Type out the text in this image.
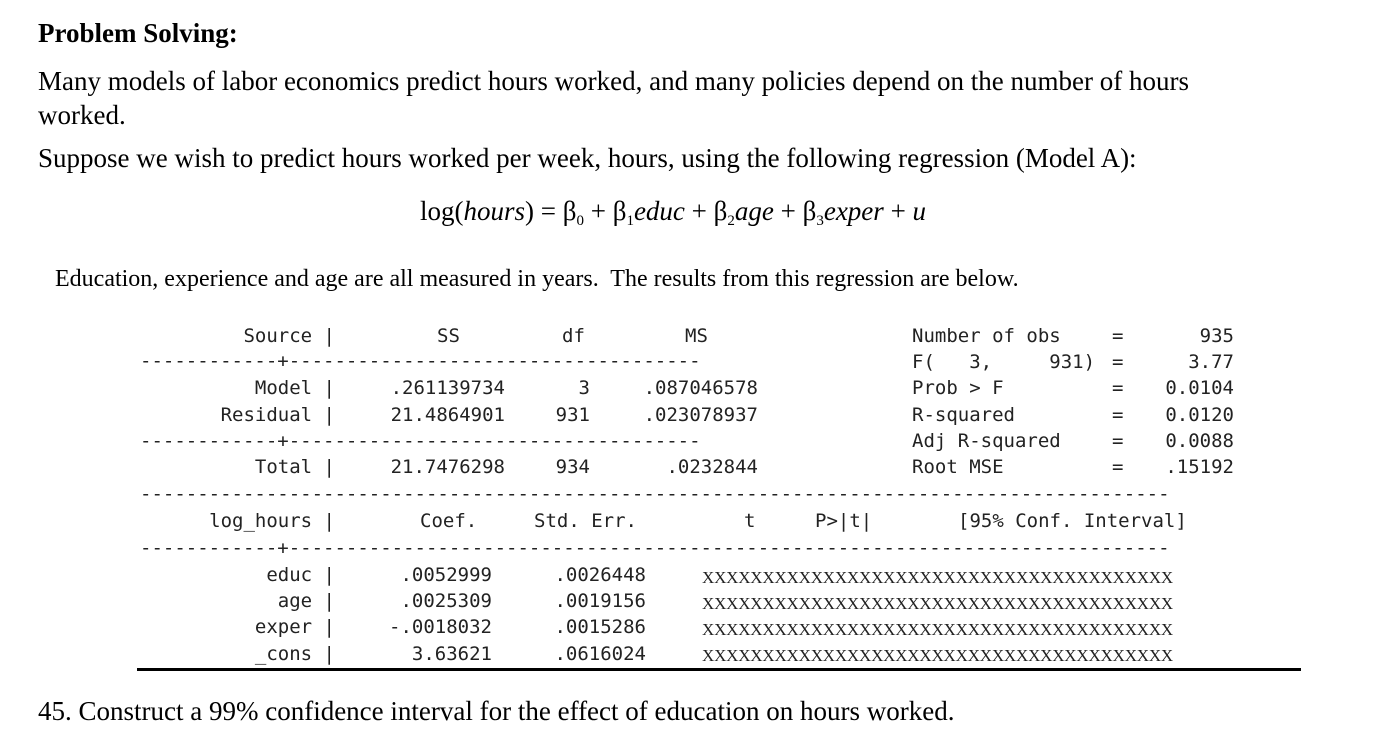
Problem Solving:
Many models of labor economics predict hours worked, and many policies depend on the number of hours
worked.
Suppose we wish to predict hours worked per week, hours, using the following regression (Model A):
log(hours) = $\beta_0$ + $\beta_1educ + \beta_2age$ + $\beta_3exper + u$
Education, experience and age are all measured in years.  The results from this regression are below.
Source |	SS	df	MS
------------+------------------------------------
Model |	.261139734	3	.087046578
Residual |	21.4864901	931	.023078937
------------+------------------------------------
Total |	21.7476298	934	.0232844
Number of obs	=	935
F(   3,     931) =	3.77
Prob > F	=	0.0104
R-squared	=	0.0120
Adj R-squared	=	0.0088
Root MSE	=	.15192
------------------------------------------------------------------------------------------
log_hours |	Coef.	Std. Err.	t	P>|t|	[95% Conf. Interval]
------------+-----------------------------------------------------------------------------
educ |	.0052999	.0026448	XXXXXXXXXXXXXXXXXXXXXXXXXXXXXXXXXXXXXXX
age |	.0025309	.0019156	XXXXXXXXXXXXXXXXXXXXXXXXXXXXXXXXXXXXXXX
exper |	-.0018032	.0015286	XXXXXXXXXXXXXXXXXXXXXXXXXXXXXXXXXXXXXXX
_cons |	3.63621	.0616024	XXXXXXXXXXXXXXXXXXXXXXXXXXXXXXXXXXXXXXX
45. Construct a 99% confidence interval for the effect of education on hours worked.
